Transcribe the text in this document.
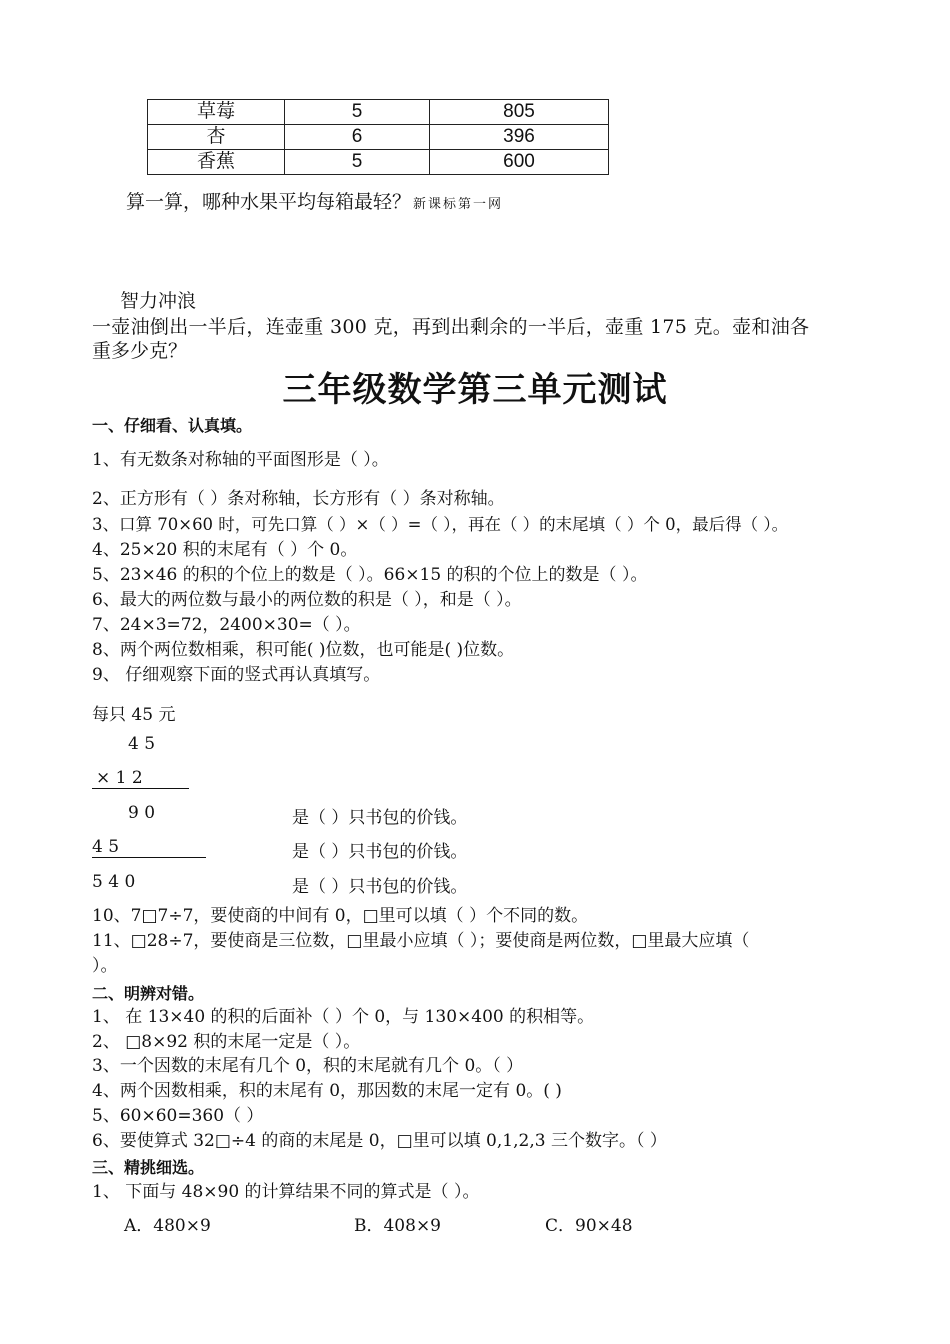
草莓	5	805
杏	6	396
香蕉	5	600
算一算，哪种水果平均每箱最轻？ 新课标第一网
智力冲浪
一壶油倒出一半后，连壶重 300 克，再到出剩余的一半后，壶重 175 克。壶和油各
重多少克？
三年级数学第三单元测试
一、仔细看、认真填。
1、有无数条对称轴的平面图形是（ ）。
2、正方形有（ ）条对称轴，长方形有（ ）条对称轴。
3、口算 70×60 时，可先口算（ ）×（ ）=（ ），再在（ ）的末尾填（ ）个 0，最后得（ ）。
4、25×20 积的末尾有（ ）个 0。
5、23×46 的积的个位上的数是（ ）。66×15 的积的个位上的数是（ ）。
6、最大的两位数与最小的两位数的积是（ ），和是（ ）。
7、24×3=72，2400×30=（ ）。
8、两个两位数相乘，积可能( )位数，也可能是( )位数。
9、 仔细观察下面的竖式再认真填写。
每只 45 元
4 5
× 1 2
9 0
4 5
5 4 0
是（ ）只书包的价钱。
是（ ）只书包的价钱。
是（ ）只书包的价钱。
10、7□7÷7，要使商的中间有 0，□里可以填（ ）个不同的数。
11、□28÷7，要使商是三位数，□里最小应填（ ）；要使商是两位数，□里最大应填（
）。
二、明辨对错。
1、 在 13×40 的积的后面补（ ）个 0，与 130×400 的积相等。
2、 □8×92 积的末尾一定是（ ）。
3、一个因数的末尾有几个 0，积的末尾就有几个 0。（ ）
4、两个因数相乘，积的末尾有 0，那因数的末尾一定有 0。( )
5、60×60=360（ ）
6、要使算式 32□÷4 的商的末尾是 0，□里可以填 0,1,2,3 三个数字。（ ）
三、精挑细选。
1、 下面与 48×90 的计算结果不同的算式是（ ）。
A．480×9	B．408×9	C．90×48
